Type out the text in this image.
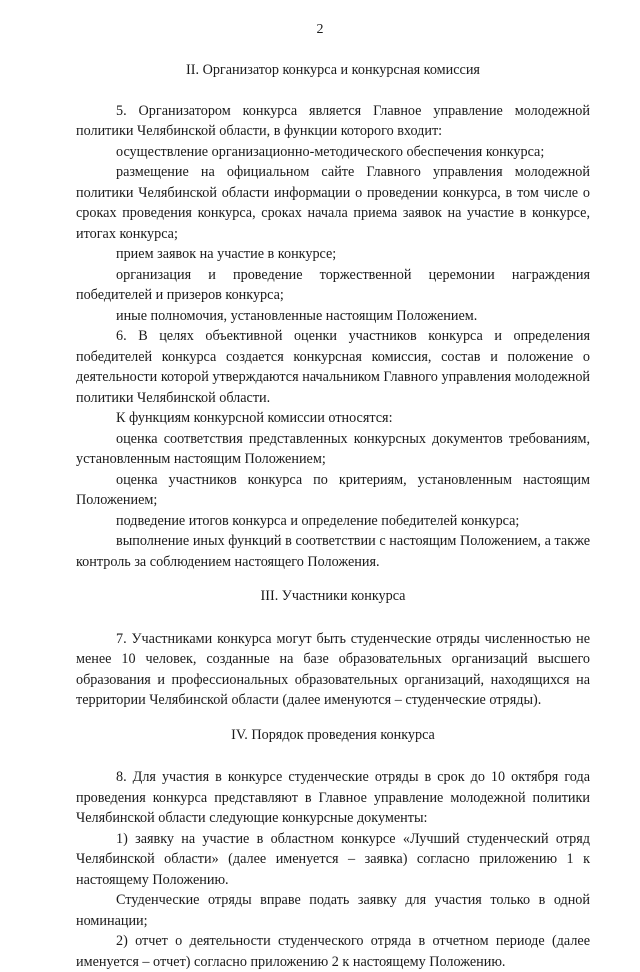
2
II. Организатор конкурса и конкурсная комиссия

5. Организатором конкурса является Главное управление молодежной политики Челябинской области, в функции которого входит:

осуществление организационно-методического обеспечения конкурса;

размещение на официальном сайте Главного управления молодежной политики Челябинской области информации о проведении конкурса, в том числе о сроках проведения конкурса, сроках начала приема заявок на участие в конкурсе, итогах конкурса;

прием заявок на участие в конкурсе;

организация и проведение торжественной церемонии награждения победителей и призеров конкурса;

иные полномочия, установленные настоящим Положением.

6. В целях объективной оценки участников конкурса и определения победителей конкурса создается конкурсная комиссия, состав и положение о деятельности которой утверждаются начальником Главного управления молодежной политики Челябинской области.

К функциям конкурсной комиссии относятся:

оценка соответствия представленных конкурсных документов требованиям, установленным настоящим Положением;

оценка участников конкурса по критериям, установленным настоящим Положением;

подведение итогов конкурса и определение победителей конкурса;

выполнение иных функций в соответствии с настоящим Положением, а также контроль за соблюдением настоящего Положения.

III. Участники конкурса

7. Участниками конкурса могут быть студенческие отряды численностью не менее 10 человек, созданные на базе образовательных организаций высшего образования и профессиональных образовательных организаций, находящихся на территории Челябинской области (далее именуются – студенческие отряды).

IV. Порядок проведения конкурса

8. Для участия в конкурсе студенческие отряды в срок до 10 октября года проведения конкурса представляют в Главное управление молодежной политики Челябинской области следующие конкурсные документы:

1) заявку на участие в областном конкурсе «Лучший студенческий отряд Челябинской области» (далее именуется – заявка) согласно приложению 1 к настоящему Положению.

Студенческие отряды вправе подать заявку для участия только в одной номинации;

2) отчет о деятельности студенческого отряда в отчетном периоде (далее именуется – отчет) согласно приложению 2 к настоящему Положению.
